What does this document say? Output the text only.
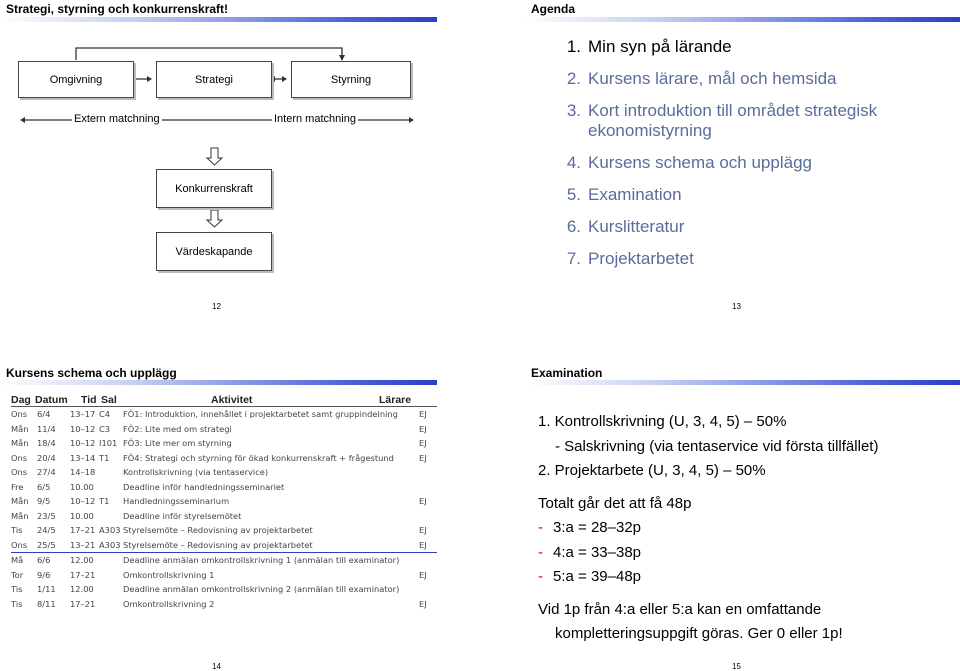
Strategi, styrning och konkurrenskraft!
Omgivning	Strategi	Styrning
Extern matchning	Intern matchning
Konkurrenskraft
Värdeskapande
12
Agenda
1. Min syn på lärande
2. Kursens lärare, mål och hemsida
3. Kort introduktion till området strategisk ekonomistyrning
4. Kursens schema och upplägg
5. Examination
6. Kurslitteratur
7. Projektarbetet
13
Kursens schema och upplägg
Dag Datum	Tid Sal	Aktivitet	Lärare
Ons	6/4	13–17 C4	FÖ1: Introduktion, innehållet i projektarbetet samt gruppindelning	EJ
Mån	11/4	10–12 C3	FÖ2: Lite med om strategi	EJ
Mån	18/4	10–12 I101 FÖ3: Lite mer om styrning	EJ
Ons	20/4	13–14 T1	FÖ4: Strategi och styrning för ökad konkurrenskraft + frågestund	EJ
Ons	27/4	14–18	Kontrollskrivning (via tentaservice)
Fre	6/5	10.00	Deadline inför handledningsseminariet
Mån	9/5	10–12 T1	Handledningsseminarium	EJ
Mån	23/5	10.00	Deadline inför styrelsemötet
Tis	24/5	17–21 A303 Styrelsemöte – Redovisning av projektarbetet	EJ
Ons	25/5	13–21 A303 Styrelsemöte – Redovisning av projektarbetet	EJ
Må	6/6	12.00	Deadline anmälan omkontrollskrivning 1 (anmälan till examinator)
Tor	9/6	17–21	Omkontrollskrivning 1	EJ
Tis	1/11	12.00	Deadline anmälan omkontrollskrivning 2 (anmälan till examinator)
Tis	8/11	17–21	Omkontrollskrivning 2	EJ
14
Examination
1. Kontrollskrivning (U, 3, 4, 5) – 50%
- Salskrivning (via tentaservice vid första tillfället)
2. Projektarbete (U, 3, 4, 5) – 50%
Totalt går det att få 48p
- 3:a = 28–32p
- 4:a = 33–38p
- 5:a = 39–48p
Vid 1p från 4:a eller 5:a kan en omfattande
kompletteringsuppgift göras. Ger 0 eller 1p!
15
